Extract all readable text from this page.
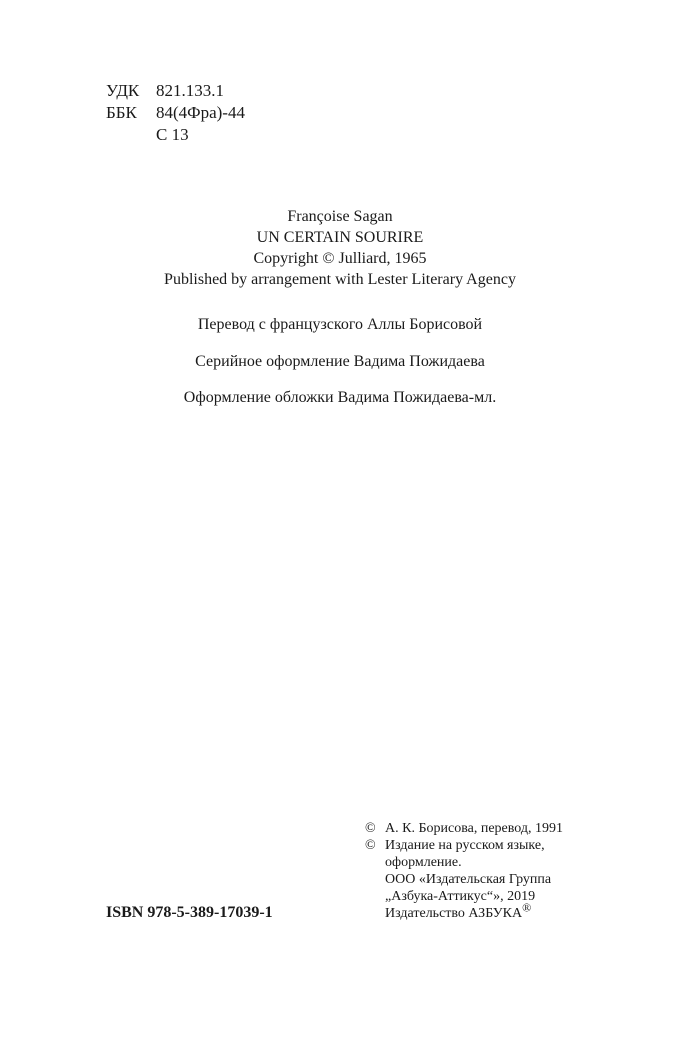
УДК 821.133.1
ББК	84(4Фра)-44
С 13
Françoise Sagan
UN CERTAIN SOURIRE
Copyright © Julliard, 1965
Published by arrangement with Lester Literary Agency
Перевод с французского Аллы Борисовой
Серийное оформление Вадима Пожидаева
Оформление обложки Вадима Пожидаева-мл.
© А. К. Борисова, перевод, 1991
© Издание на русском языке,
оформление.
ООО «Издательская Группа
„Азбука-Аттикус“», 2019
Издательство АЗБУКА®
ISBN 978-5-389-17039-1
